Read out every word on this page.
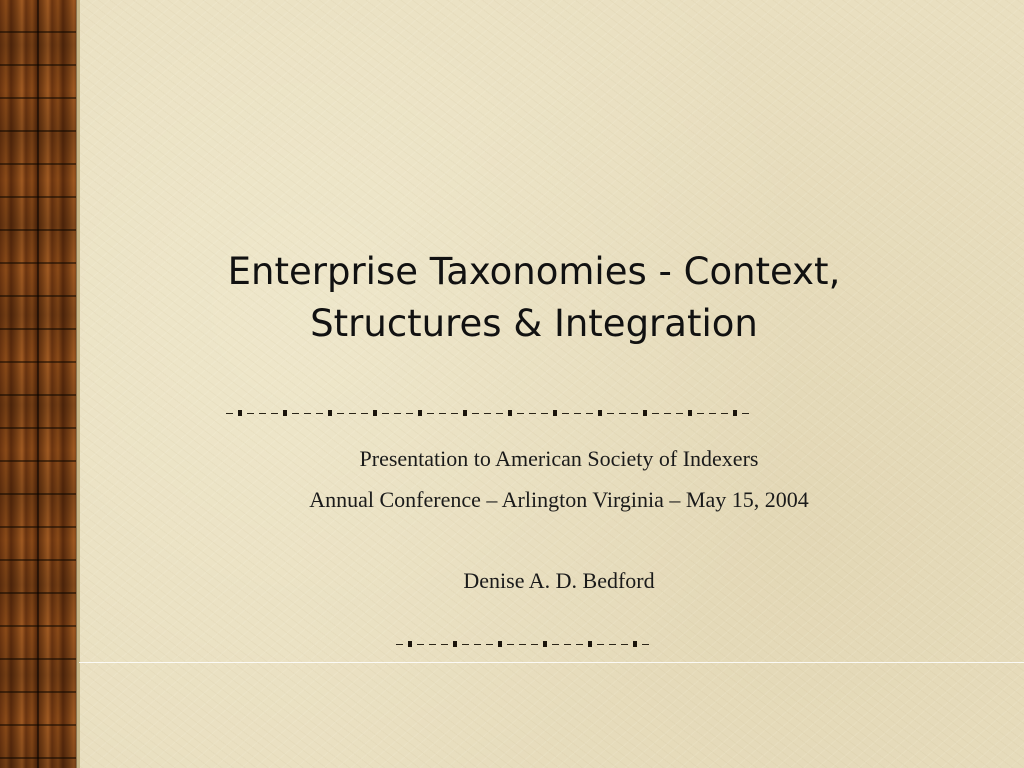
Enterprise Taxonomies - Context,
Structures & Integration
Presentation to American Society of Indexers
Annual Conference – Arlington Virginia – May 15, 2004
Denise A. D. Bedford
